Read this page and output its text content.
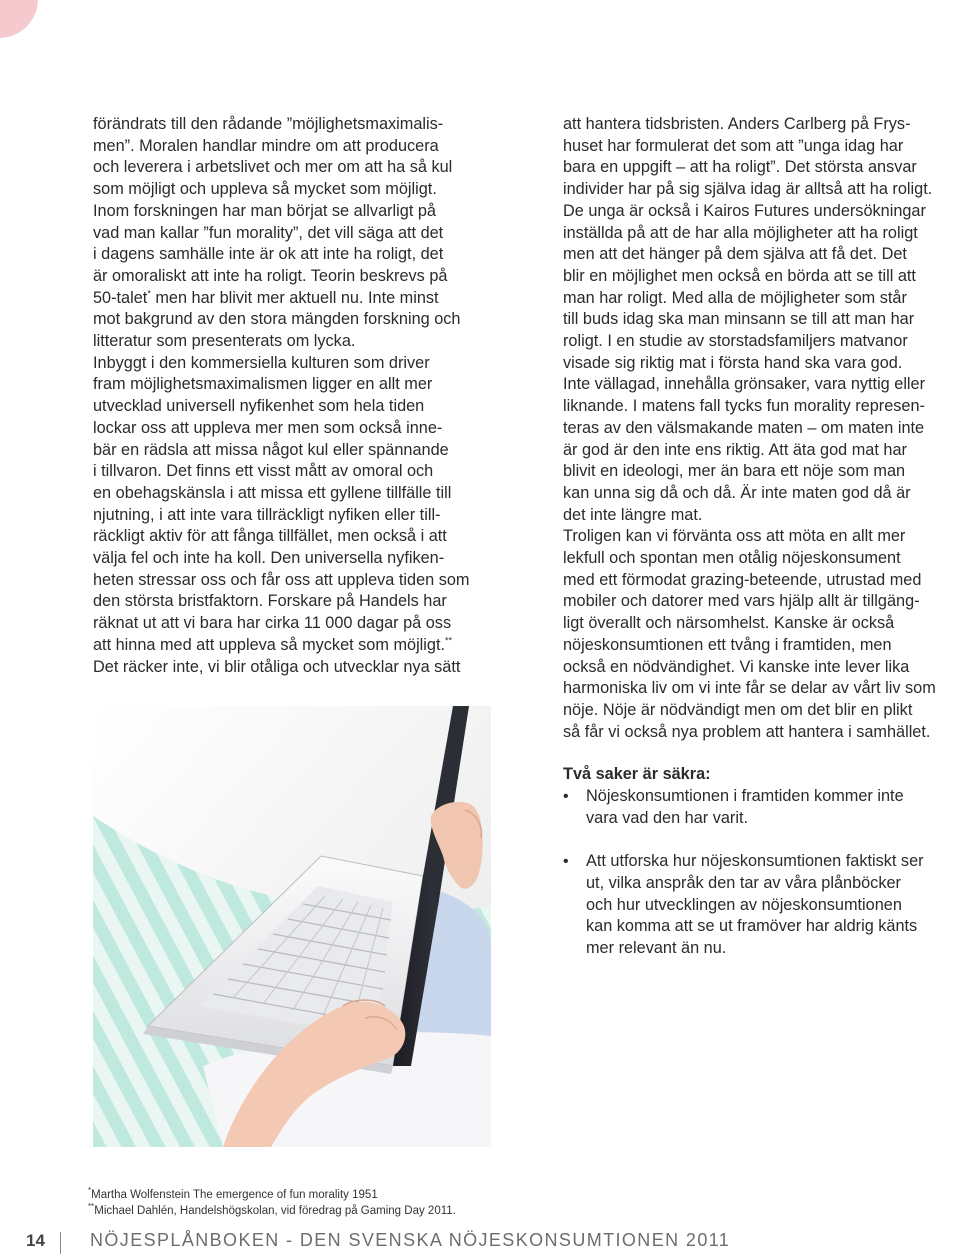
förändrats till den rådande ”möjlighetsmaximalis-

men”. Moralen handlar mindre om att producera

och leverera i arbetslivet och mer om att ha så kul

som möjligt och uppleva så mycket som möjligt.

Inom forskningen har man börjat se allvarligt på

vad man kallar ”fun morality”, det vill säga att det

i dagens samhälle inte är ok att inte ha roligt, det

är omoraliskt att inte ha roligt. Teorin beskrevs på

50-talet* men har blivit mer aktuell nu. Inte minst

mot bakgrund av den stora mängden forskning och

litteratur som presenterats om lycka.

Inbyggt i den kommersiella kulturen som driver

fram möjlighetsmaximalismen ligger en allt mer

utvecklad universell nyfikenhet som hela tiden

lockar oss att uppleva mer men som också inne-

bär en rädsla att missa något kul eller spännande

i tillvaron. Det finns ett visst mått av omoral och

en obehagskänsla i att missa ett gyllene tillfälle till

njutning, i att inte vara tillräckligt nyfiken eller till-

räckligt aktiv för att fånga tillfället, men också i att

välja fel och inte ha koll. Den universella nyfiken-

heten stressar oss och får oss att uppleva tiden som

den största bristfaktorn. Forskare på Handels har

räknat ut att vi bara har cirka 11 000 dagar på oss

att hinna med att uppleva så mycket som möjligt.**

Det räcker inte, vi blir otåliga och utvecklar nya sätt

att hantera tidsbristen. Anders Carlberg på Frys-

huset har formulerat det som att ”unga idag har

bara en uppgift – att ha roligt”. Det största ansvar

individer har på sig själva idag är alltså att ha roligt.

De unga är också i Kairos Futures undersökningar

inställda på att de har alla möjligheter att ha roligt

men att det hänger på dem själva att få det. Det

blir en möjlighet men också en börda att se till att

man har roligt. Med alla de möjligheter som står

till buds idag ska man minsann se till att man har

roligt. I en studie av storstadsfamiljers matvanor

visade sig riktig mat i första hand ska vara god.

Inte vällagad, innehålla grönsaker, vara nyttig eller

liknande. I matens fall tycks fun morality represen-

teras av den välsmakande maten – om maten inte

är god är den inte ens riktig. Att äta god mat har

blivit en ideologi, mer än bara ett nöje som man

kan unna sig då och då. Är inte maten god då är

det inte längre mat.

Troligen kan vi förvänta oss att möta en allt mer

lekfull och spontan men otålig nöjeskonsument

med ett förmodat grazing-beteende, utrustad med

mobiler och datorer med vars hjälp allt är tillgäng-

ligt överallt och närsomhelst. Kanske är också

nöjeskonsumtionen ett tvång i framtiden, men

också en nödvändighet. Vi kanske inte lever lika

harmoniska liv om vi inte får se delar av vårt liv som

nöje. Nöje är nödvändigt men om det blir en plikt

så får vi också nya problem att hantera i samhället.

Två saker är säkra:

• Nöjeskonsumtionen i framtiden kommer inte

vara vad den har varit.

• Att utforska hur nöjeskonsumtionen faktiskt ser

ut, vilka anspråk den tar av våra plånböcker

och hur utvecklingen av nöjeskonsumtionen

kan komma att se ut framöver har aldrig känts

mer relevant än nu.

*Martha Wolfenstein The emergence of fun morality 1951

**Michael Dahlén, Handelshögskolan, vid föredrag på Gaming Day 2011.

14	NÖJESPLÅNBOKEN - DEN SVENSKA NÖJESKONSUMTIONEN 2011
